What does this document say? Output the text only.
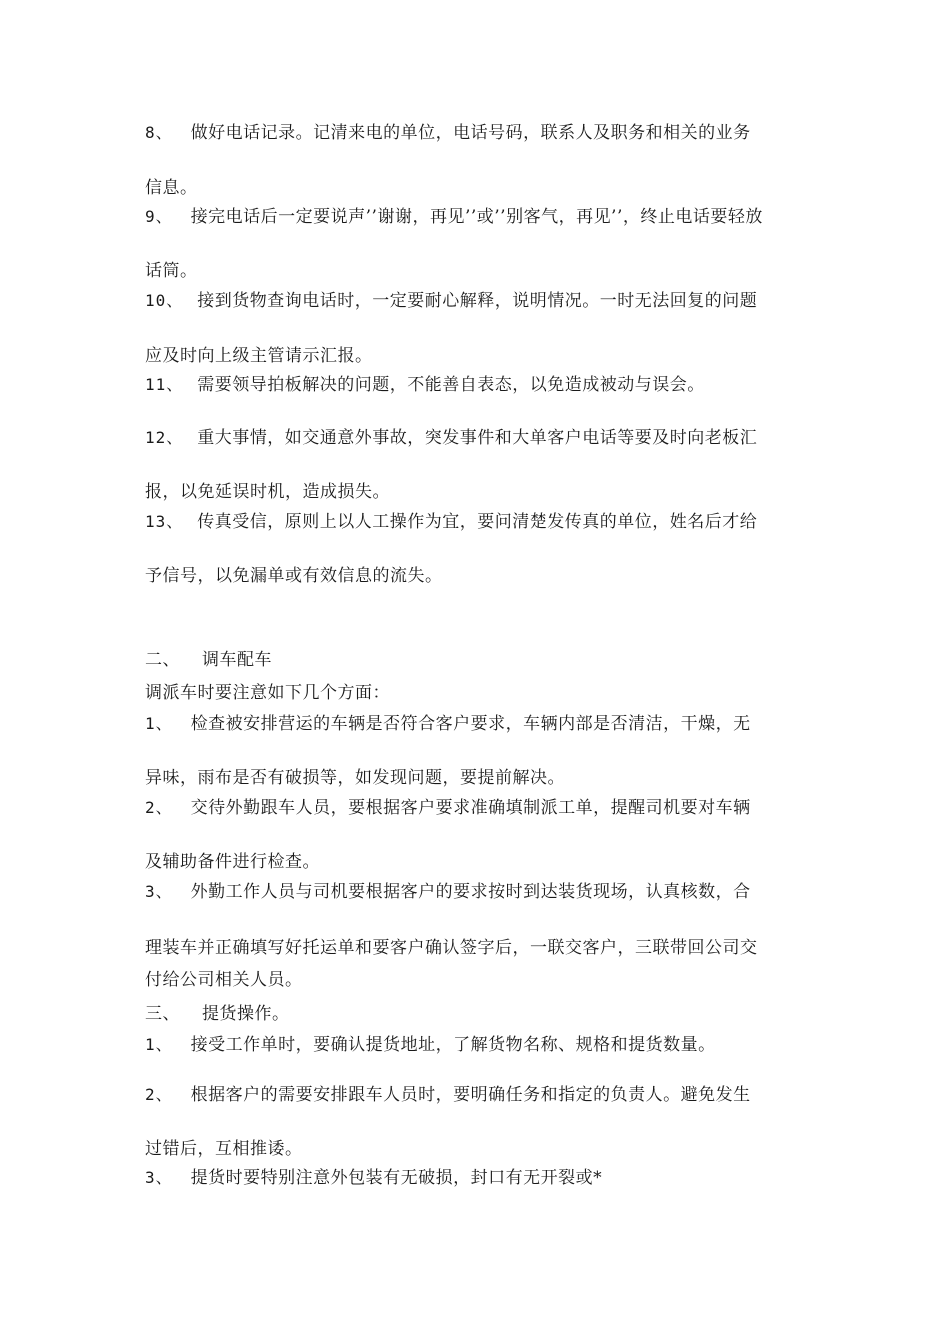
8、 做好电话记录。记清来电的单位，电话号码，联系人及职务和相关的业务
信息。
9、 接完电话后一定要说声’’谢谢，再见’’或’’别客气，再见’’，终止电话要轻放
话筒。
10、 接到货物查询电话时，一定要耐心解释，说明情况。一时无法回复的问题
应及时向上级主管请示汇报。
11、 需要领导拍板解决的问题，不能善自表态，以免造成被动与误会。
12、 重大事情，如交通意外事故，突发事件和大单客户电话等要及时向老板汇
报，以免延误时机，造成损失。
13、 传真受信，原则上以人工操作为宜，要问清楚发传真的单位，姓名后才给
予信号，以免漏单或有效信息的流失。
二、 调车配车
调派车时要注意如下几个方面：
1、 检查被安排营运的车辆是否符合客户要求，车辆内部是否清洁，干燥，无
异味，雨布是否有破损等，如发现问题，要提前解决。
2、 交待外勤跟车人员，要根据客户要求准确填制派工单，提醒司机要对车辆
及辅助备件进行检查。
3、 外勤工作人员与司机要根据客户的要求按时到达装货现场，认真核数，合
理装车并正确填写好托运单和要客户确认签字后，一联交客户，三联带回公司交
付给公司相关人员。
三、 提货操作。
1、 接受工作单时，要确认提货地址，了解货物名称、规格和提货数量。
2、 根据客户的需要安排跟车人员时，要明确任务和指定的负责人。避免发生
过错后，互相推诿。
3、 提货时要特别注意外包装有无破损，封口有无开裂或*
